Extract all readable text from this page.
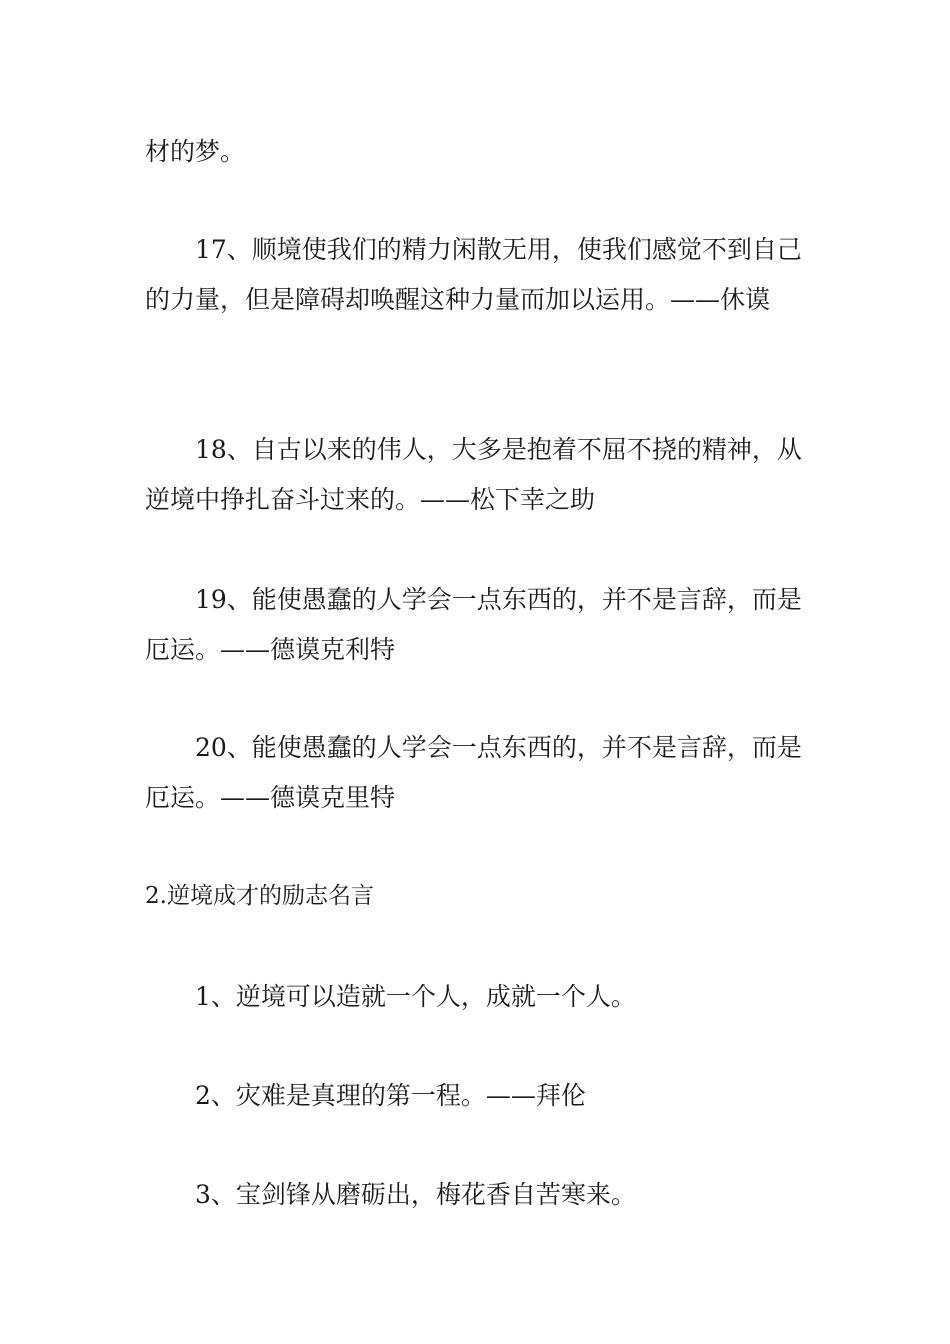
材的梦。
17、顺境使我们的精力闲散无用，使我们感觉不到自己的力量，但是障碍却唤醒这种力量而加以运用。——休谟
18、自古以来的伟人，大多是抱着不屈不挠的精神，从逆境中挣扎奋斗过来的。——松下幸之助
19、能使愚蠢的人学会一点东西的，并不是言辞，而是厄运。——德谟克利特
20、能使愚蠢的人学会一点东西的，并不是言辞，而是厄运。——德谟克里特
2.逆境成才的励志名言
1、逆境可以造就一个人，成就一个人。
2、灾难是真理的第一程。——拜伦
3、宝剑锋从磨砺出，梅花香自苦寒来。
